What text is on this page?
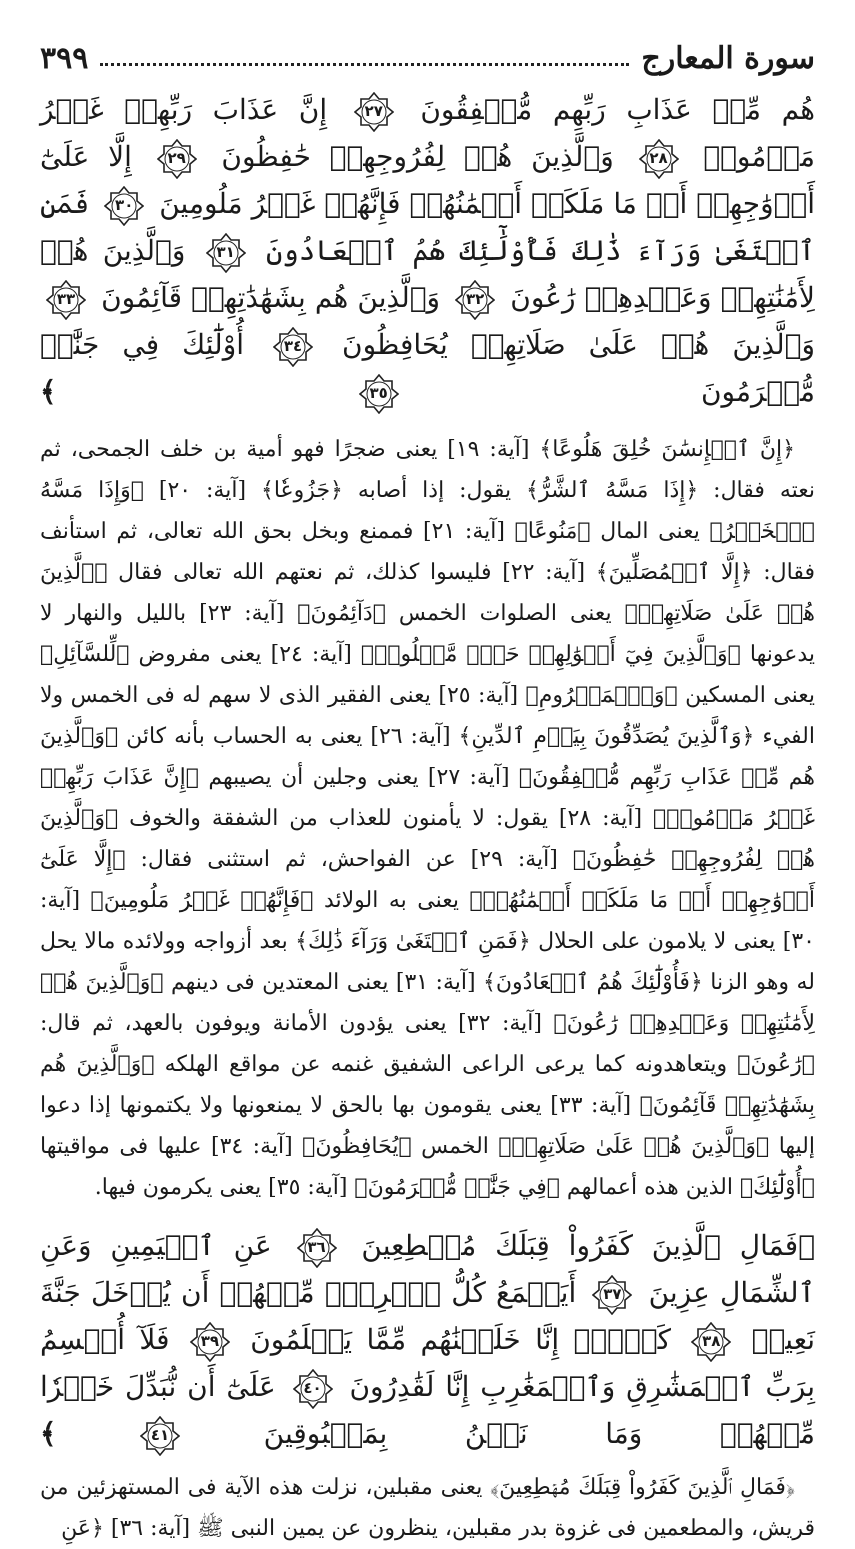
سورة المعارج
٣٩٩
هُم مِّنۡ عَذَابِ رَبِّهِم مُّشۡفِقُونَ
٢٧
إِنَّ عَذَابَ رَبِّهِمۡ غَيۡرُ مَأۡمُونٖ
٢٨
وَٱلَّذِينَ هُمۡ لِفُرُوجِهِمۡ حَٰفِظُونَ
٢٩
إِلَّا عَلَىٰٓ أَزۡوَٰجِهِمۡ أَوۡ مَا مَلَكَتۡ أَيۡمَٰنُهُمۡ فَإِنَّهُمۡ غَيۡرُ مَلُومِينَ
٣٠
فَمَنِ ٱبۡتَغَىٰ وَرَآءَ ذَٰلِكَ فَأُوْلَٰٓئِكَ هُمُ ٱلۡعَادُونَ
٣١
وَٱلَّذِينَ هُمۡ لِأَمَٰنَٰتِهِمۡ وَعَهۡدِهِمۡ رَٰعُونَ
٣٢
وَٱلَّذِينَ هُم بِشَهَٰدَٰتِهِمۡ قَآئِمُونَ
٣٣
وَٱلَّذِينَ هُمۡ عَلَىٰ صَلَاتِهِمۡ يُحَافِظُونَ
٣٤
أُوْلَٰٓئِكَ فِي جَنَّٰتٖ مُّكۡرَمُونَ
٣٥
﴾

﴿إِنَّ ٱلۡإِنسَٰنَ خُلِقَ هَلُوعًا﴾ [آية: ١٩] يعنى ضجرًا فهو أمية بن خلف الجمحى، ثم نعته فقال: ﴿إِذَا مَسَّهُ ٱلشَّرُّ﴾ يقول: إذا أصابه ﴿جَزُوعٗا﴾ [آية: ٢٠] ﴿وَإِذَا مَسَّهُ ٱلۡخَيۡرُ﴾ يعنى المال ﴿مَنُوعًا﴾ [آية: ٢١] فممنع وبخل بحق الله تعالى، ثم استأنف فقال: ﴿إِلَّا ٱلۡمُصَلِّينَ﴾ [آية: ٢٢] فليسوا كذلك، ثم نعتهم الله تعالى فقال ﴿ٱلَّذِينَ هُمۡ عَلَىٰ صَلَاتِهِمۡ﴾ يعنى الصلوات الخمس ﴿دَآئِمُونَ﴾ [آية: ٢٣] بالليل والنهار لا يدعونها ﴿وَٱلَّذِينَ فِيٓ أَمۡوَٰلِهِمۡ حَقّٞ مَّعۡلُومٞ﴾ [آية: ٢٤] يعنى مفروض ﴿لِّلسَّآئِلِ﴾ يعنى المسكين ﴿وَٱلۡمَحۡرُومِ﴾ [آية: ٢٥] يعنى الفقير الذى لا سهم له فى الخمس ولا الفيء ﴿وَٱلَّذِينَ يُصَدِّقُونَ بِيَوۡمِ ٱلدِّينِ﴾ [آية: ٢٦] يعنى به الحساب بأنه كائن ﴿وَٱلَّذِينَ هُم مِّنۡ عَذَابِ رَبِّهِم مُّشۡفِقُونَ﴾ [آية: ٢٧] يعنى وجلين أن يصيبهم ﴿إِنَّ عَذَابَ رَبِّهِمۡ غَيۡرُ مَأۡمُونٖ﴾ [آية: ٢٨] يقول: لا يأمنون للعذاب من الشفقة والخوف ﴿وَٱلَّذِينَ هُمۡ لِفُرُوجِهِمۡ حَٰفِظُونَ﴾ [آية: ٢٩] عن الفواحش، ثم استثنى فقال: ﴿إِلَّا عَلَىٰٓ أَزۡوَٰجِهِمۡ أَوۡ مَا مَلَكَتۡ أَيۡمَٰنُهُمۡ﴾ يعنى به الولائد ﴿فَإِنَّهُمۡ غَيۡرُ مَلُومِينَ﴾ [آية: ٣٠] يعنى لا يلامون على الحلال ﴿فَمَنِ ٱبۡتَغَىٰ وَرَآءَ ذَٰلِكَ﴾ بعد أزواجه وولائده مالا يحل له وهو الزنا ﴿فَأُوْلَٰٓئِكَ هُمُ ٱلۡعَادُونَ﴾ [آية: ٣١] يعنى المعتدين فى دينهم ﴿وَٱلَّذِينَ هُمۡ لِأَمَٰنَٰتِهِمۡ وَعَهۡدِهِمۡ رَٰعُونَ﴾ [آية: ٣٢] يعنى يؤدون الأمانة ويوفون بالعهد، ثم قال: ﴿رَٰعُونَ﴾ ويتعاهدونه كما يرعى الراعى الشفيق غنمه عن مواقع الهلكه ﴿وَٱلَّذِينَ هُم بِشَهَٰدَٰتِهِمۡ قَآئِمُونَ﴾ [آية: ٣٣] يعنى يقومون بها بالحق لا يمنعونها ولا يكتمونها إذا دعوا إليها ﴿وَٱلَّذِينَ هُمۡ عَلَىٰ صَلَاتِهِمۡ﴾ الخمس ﴿يُحَافِظُونَ﴾ [آية: ٣٤] عليها فى مواقيتها ﴿أُوْلَٰٓئِكَ﴾ الذين هذه أعمالهم ﴿فِي جَنَّٰتٖ مُّكۡرَمُونَ﴾ [آية: ٣٥] يعنى يكرمون فيها.

﴿فَمَالِ ٱلَّذِينَ كَفَرُواْ قِبَلَكَ مُهۡطِعِينَ
٣٦
عَنِ ٱلۡيَمِينِ وَعَنِ ٱلشِّمَالِ عِزِينَ
٣٧
أَيَطۡمَعُ كُلُّ ٱمۡرِيٕٖ مِّنۡهُمۡ أَن يُدۡخَلَ جَنَّةَ نَعِيمٖ
٣٨
كَلَّآۖ إِنَّا خَلَقۡنَٰهُم مِّمَّا يَعۡلَمُونَ
٣٩
فَلَآ أُقۡسِمُ بِرَبِّ ٱلۡمَشَٰرِقِ وَٱلۡمَغَٰرِبِ إِنَّا لَقَٰدِرُونَ
٤٠
عَلَىٰٓ أَن نُّبَدِّلَ خَيۡرٗا مِّنۡهُمۡ وَمَا نَحۡنُ بِمَسۡبُوقِينَ
٤١
﴾

﴿فَمَالِ ٱلَّذِينَ كَفَرُواْ قِبَلَكَ مُهۡطِعِينَ﴾ يعنى مقبلين، نزلت هذه الآية فى المستهزئين من قريش، والمطعمين فى غزوة بدر مقبلين، ينظرون عن يمين النبى ﷺ [آية: ٣٦] ﴿عَنِ
